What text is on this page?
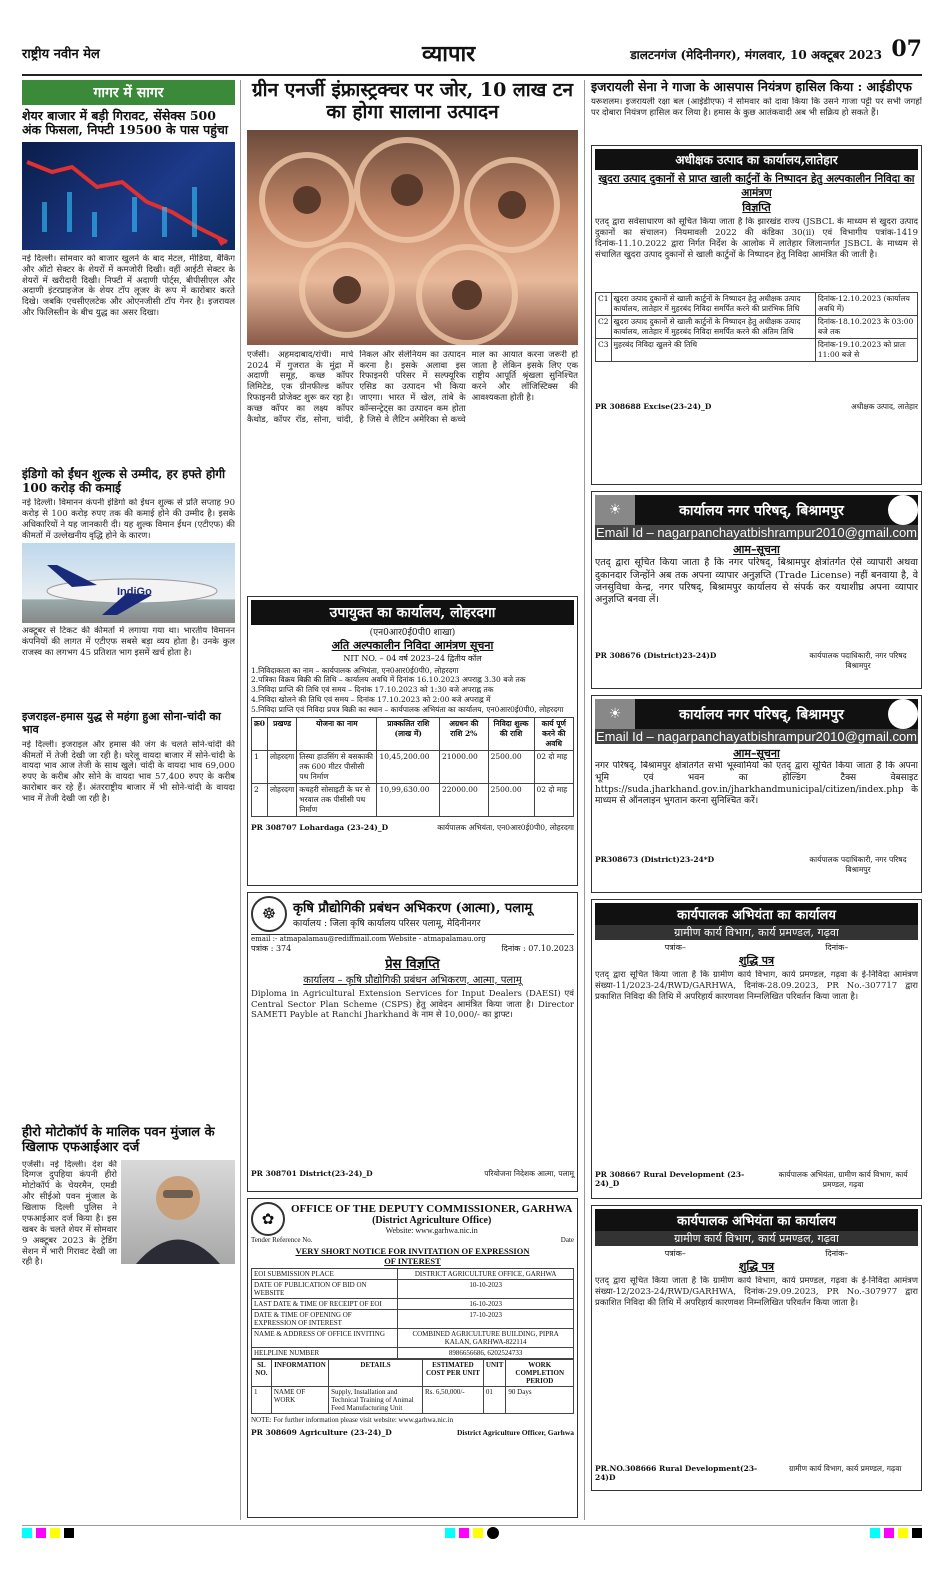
राष्ट्रीय नवीन मेल	व्यापार	डालटनगंज (मेदिनीनगर), मंगलवार, 10 अक्टूबर 2023 07
गागर में सागर
शेयर बाजार में बड़ी गिरावट, सेंसेक्स 500 अंक फिसला, निफ्टी 19500 के पास पहुंचा
नई दिल्ली। सोमवार को बाजार खुलने के बाद मेटल, मीडिया, बैंकिंग और ऑटो सेक्टर के शेयरों में कमजोरी दिखी। वहीं आईटी सेक्टर के शेयरों में खरीदारी दिखी। निफ्टी में अदाणी पोर्ट्स, बीपीसीएल और अदाणी इंटरप्राइजेज के शेयर टॉप लूजर के रूप में कारोबार करते दिखे। जबकि एचसीएलटेक और ओएनजीसी टॉप गेनर है। इजरायल और फिलिस्तीन के बीच युद्ध का असर दिखा।
इंडिगो को ईंधन शुल्क से उम्मीद, हर हफ्ते होगी 100 करोड़ की कमाई
नई दिल्ली। विमानन कंपनी इंडिगो को ईंधन शुल्क से प्रति सप्ताह 90 करोड़ से 100 करोड़ रुपए तक की कमाई होने की उम्मीद है। इसके अधिकारियों ने यह जानकारी दी। यह शुल्क विमान ईंधन (एटीएफ) की कीमतों में उल्लेखनीय वृद्धि होने के कारण।
IndiGo
अक्टूबर से टिकट की कीमतों में लगाया गया था। भारतीय विमानन कंपनियों की लागत में एटीएफ सबसे बड़ा व्यय होता है। उनके कुल राजस्व का लगभग 45 प्रतिशत भाग इसमें खर्च होता है।
इजराइल-हमास युद्ध से महंगा हुआ सोना-चांदी का भाव
नई दिल्ली। इजराइल और हमास की जंग के चलते सोने-चांदी की कीमतों में तेजी देखी जा रही है। घरेलू वायदा बाजार में सोने-चांदी के वायदा भाव आज तेजी के साथ खुले। चांदी के वायदा भाव 69,000 रुपए के करीब और सोने के वायदा भाव 57,400 रुपए के करीब कारोबार कर रहे हैं। अंतरराष्ट्रीय बाजार में भी सोने-चांदी के वायदा भाव में तेजी देखी जा रही है।
हीरो मोटोकॉर्प के मालिक पवन मुंजाल के खिलाफ एफआईआर दर्ज
एजेंसी। नई दिल्ली। देश की दिग्गज दुपहिया कंपनी हीरो मोटोकॉर्प के चेयरमैन, एमडी और सीईओ पवन मुंजाल के खिलाफ दिल्ली पुलिस ने एफआईआर दर्ज किया है। इस खबर के चलते शेयर में सोमवार 9 अक्टूबर 2023 के ट्रेडिंग सेशन में भारी गिरावट देखी जा रही है।
ग्रीन एनर्जी इंफ्रास्ट्रक्चर पर जोर, 10 लाख टन का होगा सालाना उत्पादन
एजेंसी। अहमदाबाद/रांची। मार्च 2024 में गुजरात के मुंद्रा में अदाणी समूह, कच्छ कॉपर लिमिटेड, एक ग्रीनफील्ड कॉपर रिफाइनरी प्रोजेक्ट शुरू कर रहा है। कच्छ कॉपर का लक्ष्य कॉपर कैथोड, कॉपर रॉड, सोना, चांदी, निकल और सेलेनियम का उत्पादन करना है। इसके अलावा इस रिफाइनरी परिसर में सल्फ्यूरिक एसिड का उत्पादन भी किया जाएगा। भारत में खेल, तांबे के कॉन्सन्ट्रेट्स का उत्पादन कम होता है जिसे वे लैटिन अमेरिका से कच्चे माल का आयात करना जरूरी हो जाता है लेकिन इसके लिए एक राष्ट्रीय आपूर्ति श्रृंखला सुनिश्चित करने और लॉजिस्टिक्स की आवश्यकता होती है।
उपायुक्त का कार्यालय, लोहरदगा
(एन0आर0ई0पी0 शाखा)
अति अल्पकालीन निविदा आमंत्रण सूचना
NIT NO. – 04 वर्ष 2023–24 द्वितीय कॉल
1.निविदाकाता का नाम – कार्यपालक अभियंता, एन0आर0ई0पी0, लोहरदगा
2.पत्रिका विक्रय बिक्री की तिथि – कार्यालय अवधि में दिनांक 16.10.2023 अपराह्न 3.30 बजे तक
3.निविदा प्राप्ति की तिथि एवं समय – दिनांक 17.10.2023 को 1:30 बजे अपराह्न तक
4.निविदा खोलने की तिथि एवं समय – दिनांक 17.10.2023 को 2:00 बजे अपराह्न में
5.निविदा प्राप्ति एवं निविदा प्रपत्र बिक्री का स्थान – कार्यपालक अभियंता का कार्यालय, एन0आर0ई0पी0, लोहरदगा
क्र0	प्रखण्ड	योजना का नाम	प्राक्कलित राशि (लाख में)	अग्रधन की राशि 2%	निविदा शुल्क की राशि	कार्य पूर्ण करने की अवधि
1	लोहरदगा	तिस्या हाउसिंग से बसकाकी तक 600 मीटर पीसीसी पथ निर्माण	10,45,200.00	21000.00	2500.00	02 दो माह
2	लोहरदगा	कचहरी सोसाइटी के घर से भरवाल तक पीसीसी पथ निर्माण	10,99,630.00	22000.00	2500.00	02 दो माह
PR 308707 Lohardaga (23-24)_D	कार्यपालक अभियंता, एन0आर0ई0पी0, लोहरदगा
☸	कृषि प्रौद्योगिकी प्रबंधन अभिकरण (आत्मा), पलामू
कार्यालय : जिला कृषि कार्यालय परिसर पलामू, मेदिनीनगर
email :- atmapalamau@rediffmail.com Website - atmapalamau.org
पत्रांक : 374	दिनांक : 07.10.2023
प्रेस विज्ञप्ति
कार्यालय – कृषि प्रौद्योगिकी प्रबंधन अभिकरण, आत्मा, पलामू
Diploma in Agricultural Extension Services for Input Dealers (DAESI) एवं Central Sector Plan Scheme (CSPS) हेतु आवेदन आमंत्रित किया जाता है। Director SAMETI Payble at Ranchi Jharkhand के नाम से 10,000/- का ड्राफ्ट।
PR 308701 District(23-24)_D	परियोजना निदेशक आत्मा, पलामू
✿
OFFICE OF THE DEPUTY COMMISSIONER, GARHWA
(District Agriculture Office)
Website: www.garhwa.nic.in
Tender Reference No.	Date
VERY SHORT NOTICE FOR INVITATION OF EXPRESSION OF INTEREST
EOI SUBMISSION PLACE	DISTRICT AGRICULTURE OFFICE, GARHWA
DATE OF PUBLICATION OF BID ON WEBSITE	10-10-2023
LAST DATE & TIME OF RECEIPT OF EOI	16-10-2023
DATE & TIME OF OPENING OF EXPRESSION OF INTEREST	17-10-2023
NAME & ADDRESS OF OFFICE INVITING	COMBINED AGRICULTURE BUILDING, PIPRA KALAN, GARHWA-822114
HELPLINE NUMBER	8986656686, 6202524733
SL NO.	INFORMATION	DETAILS	ESTIMATED COST PER UNIT	UNIT	WORK COMPLETION PERIOD
1	NAME OF WORK	Supply, Installation and Technical Training of Animal Feed Manufacturing Unit	Rs. 6,50,000/-	01	90 Days
NOTE: For further information please visit website: www.garhwa.nic.in
PR 308609 Agriculture (23-24)_D	District Agriculture Officer, Garhwa
इजरायली सेना ने गाजा के आसपास नियंत्रण हासिल किया : आईडीएफ
यरूशलम। इजरायली रक्षा बल (आईडीएफ) ने सोमवार को दावा किया कि उसने गाजा पट्टी पर सभी जगहों पर दोबारा नियंत्रण हासिल कर लिया है। हमास के कुछ आतंकवादी अब भी सक्रिय हो सकते हैं।
अधीक्षक उत्पाद का कार्यालय,लातेहार
खुदरा उत्पाद दुकानों से प्राप्त खाली कार्टुनों के निष्पादन हेतु अल्पकालीन निविदा का आमंत्रण
विज्ञप्ति
एतद् द्वारा सर्वसाधारण को सूचित किया जाता है कि झारखंड राज्य (JSBCL के माध्यम से खुदरा उत्पाद दुकानों का संचालन) नियमावली 2022 की कंडिका 30(ii) एवं विभागीय पत्रांक-1419 दिनांक-11.10.2022 द्वारा निर्गत निर्देश के आलोक में लातेहार जिलान्तर्गत JSBCL के माध्यम से संचालित खुदरा उत्पाद दुकानों से खाली कार्टुनों के निष्पादन हेतु निविदा आमंत्रित की जाती है।
C1	खुदरा उत्पाद दुकानों से खाली कार्टुनों के निष्पादन हेतु अधीक्षक उत्पाद कार्यालय, लातेहार में मुहरबंद निविदा समर्पित करने की प्रारंभिक तिथि	दिनांक-12.10.2023 (कार्यालय अवधि में)
C2	खुदरा उत्पाद दुकानों से खाली कार्टुनों के निष्पादन हेतु अधीक्षक उत्पाद कार्यालय, लातेहार में मुहरबंद निविदा समर्पित करने की अंतिम तिथि	दिनांक-18.10.2023 के 03:00 बजे तक
C3	मुहरबंद निविदा खुलने की तिथि	दिनांक-19.10.2023 को प्रातः 11:00 बजे से
PR 308688 Excise(23-24)_D	अधीक्षक उत्पाद, लातेहार
☀	कार्यालय नगर परिषद्, बिश्रामपुर
Email Id – nagarpanchayatbishrampur2010@gmail.com
आम–सूचना
एतद् द्वारा सूचित किया जाता है कि नगर परिषद्, बिश्रामपुर क्षेत्रांतर्गत ऐसे व्यापारी अथवा दुकानदार जिन्होंने अब तक अपना व्यापार अनुज्ञप्ति (Trade License) नहीं बनवाया है, वे जनसुविधा केन्द्र, नगर परिषद्, बिश्रामपुर कार्यालय से संपर्क कर यथाशीघ्र अपना व्यापार अनुज्ञप्ति बनवा लें।
PR 308676 (District)23-24)D	कार्यपालक पदाधिकारी, नगर परिषद बिश्रामपुर
☀	कार्यालय नगर परिषद्, बिश्रामपुर
Email Id – nagarpanchayatbishrampur2010@gmail.com
आम–सूचना
नगर परिषद्, बिश्रामपुर क्षेत्रांतर्गत सभी भूस्वामियों को एतद् द्वारा सूचित किया जाता है कि अपना भूमि एवं भवन का होल्डिंग टैक्स वेबसाइट https://suda.jharkhand.gov.in/jharkhandmunicipal/citizen/index.php के माध्यम से ऑनलाइन भुगतान करना सुनिश्चित करें।
PR308673 (District)23-24*D	कार्यपालक पदाधिकारी, नगर परिषद बिश्रामपुर
कार्यपालक अभियंता का कार्यालय
ग्रामीण कार्य विभाग, कार्य प्रमण्डल, गढ़वा
पत्रांक–	दिनांक–
शुद्धि पत्र
एतद् द्वारा सूचित किया जाता है कि ग्रामीण कार्य विभाग, कार्य प्रमण्डल, गढ़वा के ई-निविदा आमंत्रण संख्या-11/2023-24/RWD/GARHWA, दिनांक-28.09.2023, PR No.-307717 द्वारा प्रकाशित निविदा की तिथि में अपरिहार्य कारणवश निम्नलिखित परिवर्तन किया जाता है।
PR 308667 Rural Development (23-24)_D
कार्यपालक अभियंता, ग्रामीण कार्य विभाग, कार्य प्रमण्डल, गढ़वा
कार्यपालक अभियंता का कार्यालय
ग्रामीण कार्य विभाग, कार्य प्रमण्डल, गढ़वा
पत्रांक–	दिनांक–
शुद्धि पत्र
एतद् द्वारा सूचित किया जाता है कि ग्रामीण कार्य विभाग, कार्य प्रमण्डल, गढ़वा के ई-निविदा आमंत्रण संख्या-12/2023-24/RWD/GARHWA, दिनांक-29.09.2023, PR No.-307977 द्वारा प्रकाशित निविदा की तिथि में अपरिहार्य कारणवश निम्नलिखित परिवर्तन किया जाता है।
PR.NO.308666 Rural Development(23-24)D
ग्रामीण कार्य विभाग, कार्य प्रमण्डल, गढ़वा
